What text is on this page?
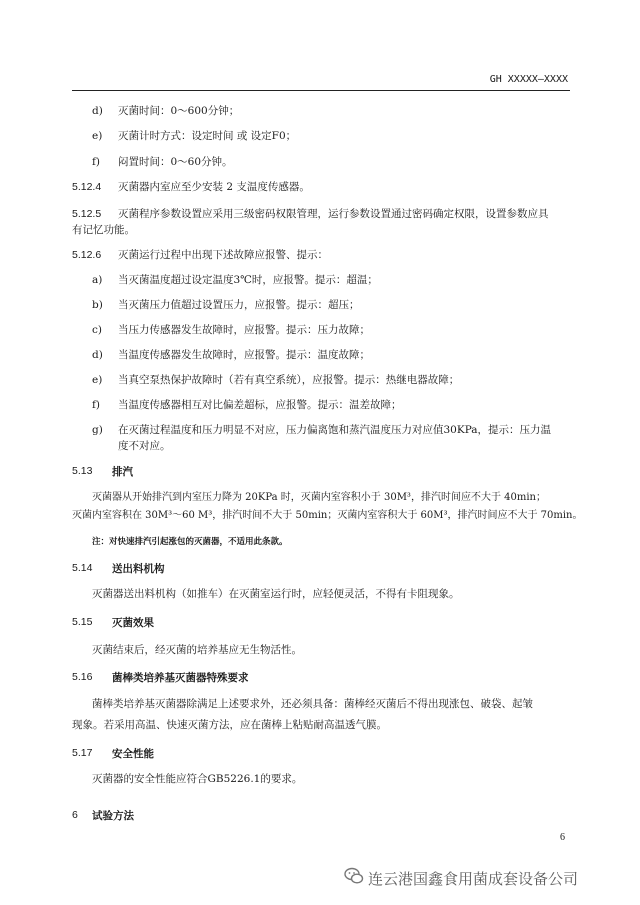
GH XXXXX—XXXX
d) 灭菌时间：0～600分钟；
e) 灭菌计时方式：设定时间 或 设定F0；
f) 闷置时间：0～60分钟。
5.12.4 灭菌器内室应至少安装 2 支温度传感器。
5.12.5 灭菌程序参数设置应采用三级密码权限管理，运行参数设置通过密码确定权限，设置参数应具
有记忆功能。
5.12.6 灭菌运行过程中出现下述故障应报警、提示：
a) 当灭菌温度超过设定温度3℃时，应报警。提示：超温；
b) 当灭菌压力值超过设置压力，应报警。提示：超压；
c) 当压力传感器发生故障时，应报警。提示：压力故障；
d) 当温度传感器发生故障时，应报警。提示：温度故障；
e) 当真空泵热保护故障时（若有真空系统），应报警。提示：热继电器故障；
f) 当温度传感器相互对比偏差超标，应报警。提示：温差故障；
g) 在灭菌过程温度和压力明显不对应，压力偏离饱和蒸汽温度压力对应值30KPa，提示：压力温
度不对应。
5.13 排汽
灭菌器从开始排汽到内室压力降为 20KPa 时，灭菌内室容积小于 30M³，排汽时间应不大于 40min；
灭菌内室容积在 30M³～60 M³，排汽时间不大于 50min；灭菌内室容积大于 60M³，排汽时间应不大于 70min。
注：对快速排汽引起涨包的灭菌器，不适用此条款。
5.14 送出料机构
灭菌器送出料机构（如推车）在灭菌室运行时，应轻便灵活，不得有卡阻现象。
5.15 灭菌效果
灭菌结束后，经灭菌的培养基应无生物活性。
5.16 菌棒类培养基灭菌器特殊要求
菌棒类培养基灭菌器除满足上述要求外，还必须具备：菌棒经灭菌后不得出现涨包、破袋、起皱
现象。若采用高温、快速灭菌方法，应在菌棒上粘贴耐高温透气膜。
5.17 安全性能
灭菌器的安全性能应符合GB5226.1的要求。
6 试验方法
6
连云港国鑫食用菌成套设备公司
